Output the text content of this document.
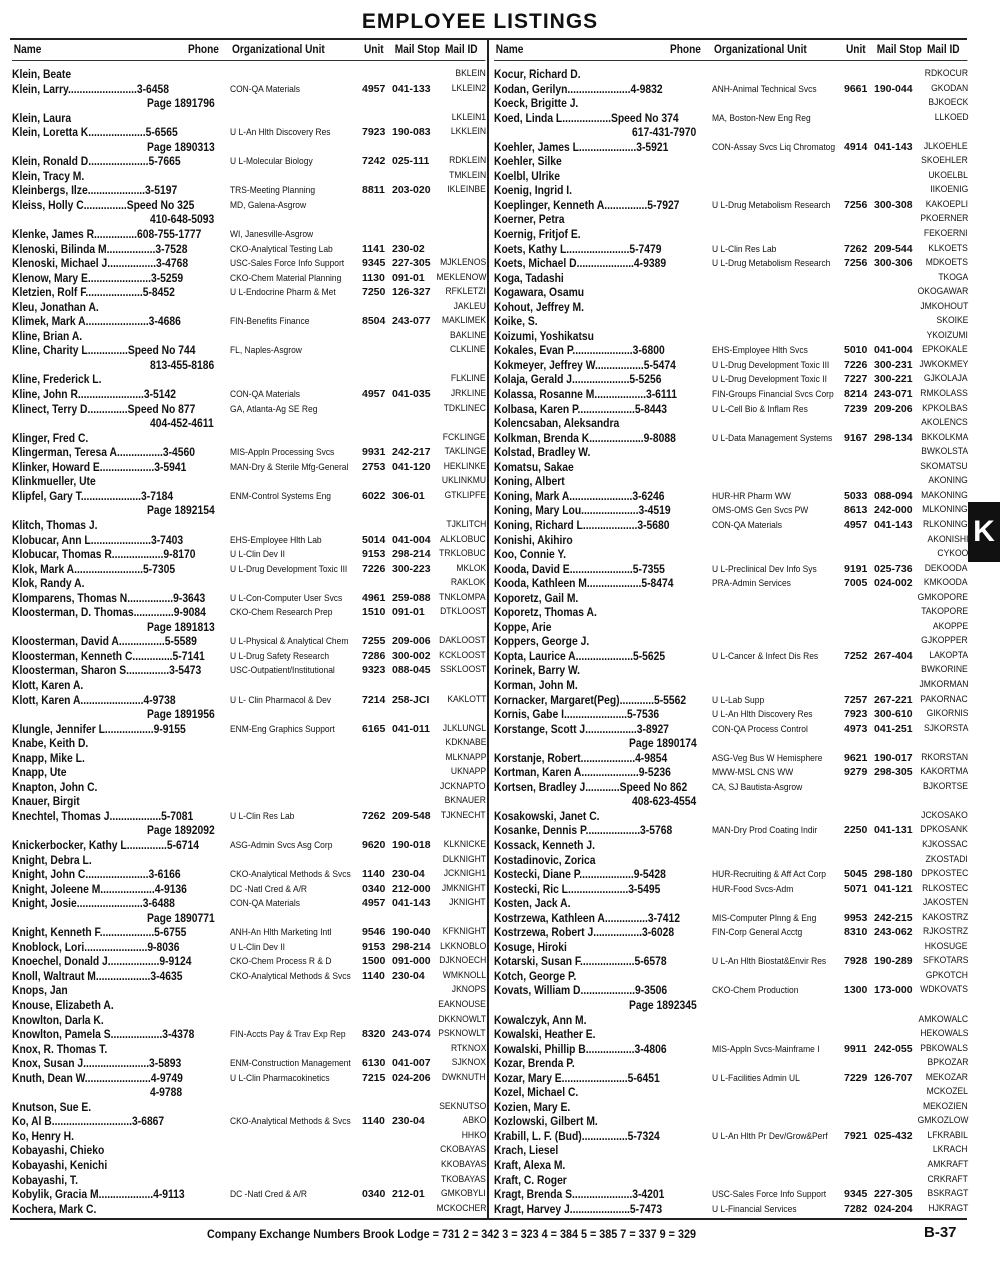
EMPLOYEE LISTINGS
Name	Phone Organizational Unit	Unit Mail Stop Mail ID
Klein, Beate	BKLEIN
Klein, Larry........................3-6458	CON-QA Materials	4957 041-133 LKLEIN2
Page 1891796
Klein, Laura	LKLEIN1
Klein, Loretta K....................5-6565	U L-An Hlth Discovery Res	7923 190-083 LKKLEIN
Page 1890313
Klein, Ronald D.....................5-7665	U L-Molecular Biology	7242 025-111 RDKLEIN
Klein, Tracy M.	TMKLEIN
Kleinbergs, Ilze....................3-5197	TRS-Meeting Planning	8811 203-020 IKLEINBE
Kleiss, Holly C...............Speed No 325	MD, Galena-Asgrow
410-648-5093
Klenke, James R...............608-755-1777	WI, Janesville-Asgrow
Klenoski, Bilinda M.................3-7528	CKO-Analytical Testing Lab	1141 230-02
Klenoski, Michael J.................3-4768	USC-Sales Force Info Support 9345 227-305 MJKLENOS
Klenow, Mary E......................3-5259	CKO-Chem Material Planning 1130 091-01 MEKLENOW
Kletzien, Rolf F....................5-8452	U L-Endocrine Pharm & Met	7250 126-327 RFKLETZI
Kleu, Jonathan A.	JAKLEU
Klimek, Mark A......................3-4686	FIN-Benefits Finance	8504 243-077 MAKLIMEK
Kline, Brian A.	BAKLINE
Kline, Charity L..............Speed No 744	FL, Naples-Asgrow	CLKLINE
813-455-8186
Kline, Frederick L.	FLKLINE
Kline, John R.......................3-5142	CON-QA Materials	4957 041-035 JRKLINE
Klinect, Terry D..............Speed No 877	GA, Atlanta-Ag SE Reg	TDKLINEC
404-452-4611
Klinger, Fred C.	FCKLINGE
Klingerman, Teresa A................3-4560	MIS-Appln Processing Svcs	9931 242-217 TAKLINGE
Klinker, Howard E...................3-5941	MAN-Dry & Sterile Mfg-General 2753 041-120 HEKLINKE
Klinkmueller, Ute	UKLINKMU
Klipfel, Gary T.....................3-7184	ENM-Control Systems Eng	6022 306-01 GTKLIPFE
Page 1892154
Klitch, Thomas J.	TJKLITCH
Klobucar, Ann L.....................3-7403	EHS-Employee Hlth Lab	5014 041-004 ALKLOBUC
Klobucar, Thomas R..................9-8170	U L-Clin Dev II	9153 298-214 TRKLOBUC
Klok, Mark A........................5-7305	U L-Drug Development Toxic III 7226 300-223	MKLOK
Klok, Randy A.	RAKLOK
Klomparens, Thomas N................9-3643	U L-Con-Computer User Svcs 4961 259-088 TNKLOMPA
Kloosterman, D. Thomas..............9-9084	CKO-Chem Research Prep	1510 091-01 DTKLOOST
Page 1891813
Kloosterman, David A................5-5589	U L-Physical & Analytical Chem 7255 209-006 DAKLOOST
Kloosterman, Kenneth C..............5-7141	U L-Drug Safety Research	7286 300-002 KCKLOOST
Kloosterman, Sharon S...............3-5473	USC-Outpatient/Institutional	9323 088-045 SSKLOOST
Klott, Karen A.
Klott, Karen A......................4-9738	U L- Clin Pharmacol & Dev	7214 258-JCI KAKLOTT
Page 1891956
Klungle, Jennifer L.................9-9155	ENM-Eng Graphics Support	6165 041-011 JLKLUNGL
Knabe, Keith D.	KDKNABE
Knapp, Mike L.	MLKNAPP
Knapp, Ute	UKNAPP
Knapton, John C.	JCKNAPTO
Knauer, Birgit	BKNAUER
Knechtel, Thomas J..................5-7081	U L-Clin Res Lab	7262 209-548 TJKNECHT
Page 1892092
Knickerbocker, Kathy L..............5-6714	ASG-Admin Svcs Asg Corp	9620 190-018 KLKNICKE
Knight, Debra L.	DLKNIGHT
Knight, John C......................3-6166	CKO-Analytical Methods & Svcs 1140 230-04 JCKNIGH1
Knight, Joleene M...................4-9136	DC -Natl Cred & A/R	0340 212-000 JMKNIGHT
Knight, Josie.......................3-6488	CON-QA Materials	4957 041-143 JKNIGHT
Page 1890771
Knight, Kenneth F...................5-6755	ANH-An Hlth Marketing Intl	9546 190-040 KFKNIGHT
Knoblock, Lori......................9-8036	U L-Clin Dev II	9153 298-214 LKKNOBLO
Knoechel, Donald J..................9-9124	CKO-Chem Process R & D	1500 091-000 DJKNOECH
Knoll, Waltraut M...................3-4635	CKO-Analytical Methods & Svcs 1140 230-04 WMKNOLL
Knops, Jan	JKNOPS
Knouse, Elizabeth A.	EAKNOUSE
Knowlton, Darla K.	DKKNOWLT
Knowlton, Pamela S..................3-4378	FIN-Accts Pay & Trav Exp Rep 8320 243-074 PSKNOWLT
Knox, R. Thomas T.	RTKNOX
Knox, Susan J.......................3-5893	ENM-Construction Management 6130 041-007 SJKNOX
Knuth, Dean W.......................4-9749	U L-Clin Pharmacokinetics	7215 024-206 DWKNUTH
4-9788
Knutson, Sue E.	SEKNUTSO
Ko, Al B............................3-6867	CKO-Analytical Methods & Svcs 1140 230-04	ABKO
Ko, Henry H.	HHKO
Kobayashi, Chieko	CKOBAYAS
Kobayashi, Kenichi	KKOBAYAS
Kobayashi, T.	TKOBAYAS
Kobylik, Gracia M...................4-9113	DC -Natl Cred & A/R	0340 212-01 GMKOBYLI
Kochera, Mark C.	MCKOCHER
Name	Phone Organizational Unit	Unit Mail Stop Mail ID
Kocur, Richard D.	RDKOCUR
Kodan, Gerilyn......................4-9832	ANH-Animal Technical Svcs	9661 190-044 GKODAN
Koeck, Brigitte J.	BJKOECK
Koed, Linda L.................Speed No 374	MA, Boston-New Eng Reg	LLKOED
617-431-7970
Koehler, James L....................3-5921	CON-Assay Svcs Liq Chromatog 4914 041-143 JLKOEHLE
Koehler, Silke	SKOEHLER
Koelbl, Ulrike	UKOELBL
Koenig, Ingrid I.	IIKOENIG
Koeplinger, Kenneth A...............5-7927	U L-Drug Metabolism Research 7256 300-308 KAKOEPLI
Koerner, Petra	PKOERNER
Koernig, Fritjof E.	FEKOERNI
Koets, Kathy L......................5-7479	U L-Clin Res Lab	7262 209-544 KLKOETS
Koets, Michael D....................4-9389	U L-Drug Metabolism Research 7256 300-306 MDKOETS
Koga, Tadashi	TKOGA
Kogawara, Osamu	OKOGAWAR
Kohout, Jeffrey M.	JMKOHOUT
Koike, S.	SKOIKE
Koizumi, Yoshikatsu	YKOIZUMI
Kokales, Evan P.....................3-6800	EHS-Employee Hlth Svcs	5010 041-004 EPKOKALE
Kokmeyer, Jeffrey W.................5-5474	U L-Drug Development Toxic III 7226 300-231 JWKOKMEY
Kolaja, Gerald J....................5-5256	U L-Drug Development Toxic II 7227 300-221 GJKOLAJA
Kolassa, Rosanne M..................3-6111	FIN-Groups Financial Svcs Corp 8214 243-071 RMKOLASS
Kolbasa, Karen P....................5-8443	U L-Cell Bio & Inflam Res	7239 209-206 KPKOLBAS
Kolencsaban, Aleksandra	AKOLENCS
Kolkman, Brenda K...................9-8088	U L-Data Management Systems 9167 298-134 BKKOLKMA
Kolstad, Bradley W.	BWKOLSTA
Komatsu, Sakae	SKOMATSU
Koning, Albert	AKONING
Koning, Mark A......................3-6246	HUR-HR Pharm WW	5033 088-094 MAKONING
Koning, Mary Lou....................3-4519	OMS-OMS Gen Svcs PW	8613 242-000 MLKONING
Koning, Richard L...................3-5680	CON-QA Materials	4957 041-143 RLKONING
Konishi, Akihiro	AKONISHI
Koo, Connie Y.	CYKOO
Kooda, David E......................5-7355	U L-Preclinical Dev Info Sys	9191 025-736 DEKOODA
Kooda, Kathleen M...................5-8474	PRA-Admin Services	7005 024-002 KMKOODA
Koporetz, Gail M.	GMKOPORE
Koporetz, Thomas A.	TAKOPORE
Koppe, Arie	AKOPPE
Koppers, George J.	GJKOPPER
Kopta, Laurice A....................5-5625	U L-Cancer & Infect Dis Res 7252 267-404 LAKOPTA
Korinek, Barry W.	BWKORINE
Korman, John M.	JMKORMAN
Kornacker, Margaret(Peg)............5-5562	U L-Lab Supp	7257 267-221 PAKORNAC
Kornis, Gabe I......................5-7536	U L-An Hlth Discovery Res	7923 300-610 GIKORNIS
Korstange, Scott J..................3-8927	CON-QA Process Control	4973 041-251 SJKORSTA
Page 1890174
Korstanje, Robert...................4-9854	ASG-Veg Bus W Hemisphere 9621 190-017 RKORSTAN
Kortman, Karen A....................9-5236	MWW-MSL CNS WW	9279 298-305 KAKORTMA
Kortsen, Bradley J............Speed No 862	CA, SJ Bautista-Asgrow	BJKORTSE
408-623-4554
Kosakowski, Janet C.	JCKOSAKO
Kosanke, Dennis P...................3-5768	MAN-Dry Prod Coating Indir	2250 041-131 DPKOSANK
Kossack, Kenneth J.	KJKOSSAC
Kostadinovic, Zorica	ZKOSTADI
Kostecki, Diane P...................9-5428	HUR-Recruiting & Aff Act Corp 5045 298-180 DPKOSTEC
Kostecki, Ric L.....................3-5495	HUR-Food Svcs-Adm	5071 041-121 RLKOSTEC
Kosten, Jack A.	JAKOSTEN
Kostrzewa, Kathleen A...............3-7412	MIS-Computer Plnng & Eng	9953 242-215 KAKOSTRZ
Kostrzewa, Robert J.................3-6028	FIN-Corp General Acctg	8310 243-062 RJKOSTRZ
Kosuge, Hiroki	HKOSUGE
Kotarski, Susan F...................5-6578	U L-An Hlth Biostat&Envir Res 7928 190-289 SFKOTARS
Kotch, George P.	GPKOTCH
Kovats, William D...................9-3506	CKO-Chem Production	1300 173-000 WDKOVATS
Page 1892345
Kowalczyk, Ann M.	AMKOWALC
Kowalski, Heather E.	HEKOWALS
Kowalski, Phillip B.................3-4806	MIS-Appln Svcs-Mainframe I 9911 242-055 PBKOWALS
Kozar, Brenda P.	BPKOZAR
Kozar, Mary E.......................5-6451	U L-Facilities Admin UL	7229 126-707 MEKOZAR
Kozel, Michael C.	MCKOZEL
Kozien, Mary E.	MEKOZIEN
Kozlowski, Gilbert M.	GMKOZLOW
Krabill, L. F. (Bud)................5-7324	U L-An Hlth Pr Dev/Grow&Perf 7921 025-432 LFKRABIL
Krach, Liesel	LKRACH
Kraft, Alexa M.	AMKRAFT
Kraft, C. Roger	CRKRAFT
Kragt, Brenda S.....................3-4201	USC-Sales Force Info Support 9345 227-305 BSKRAGT
Kragt, Harvey J.....................5-7473	U L-Financial Services	7282 024-204 HJKRAGT
K
Company Exchange Numbers Brook Lodge = 731 2 = 342 3 = 323 4 = 384 5 = 385 7 = 337 9 = 329	B-37
